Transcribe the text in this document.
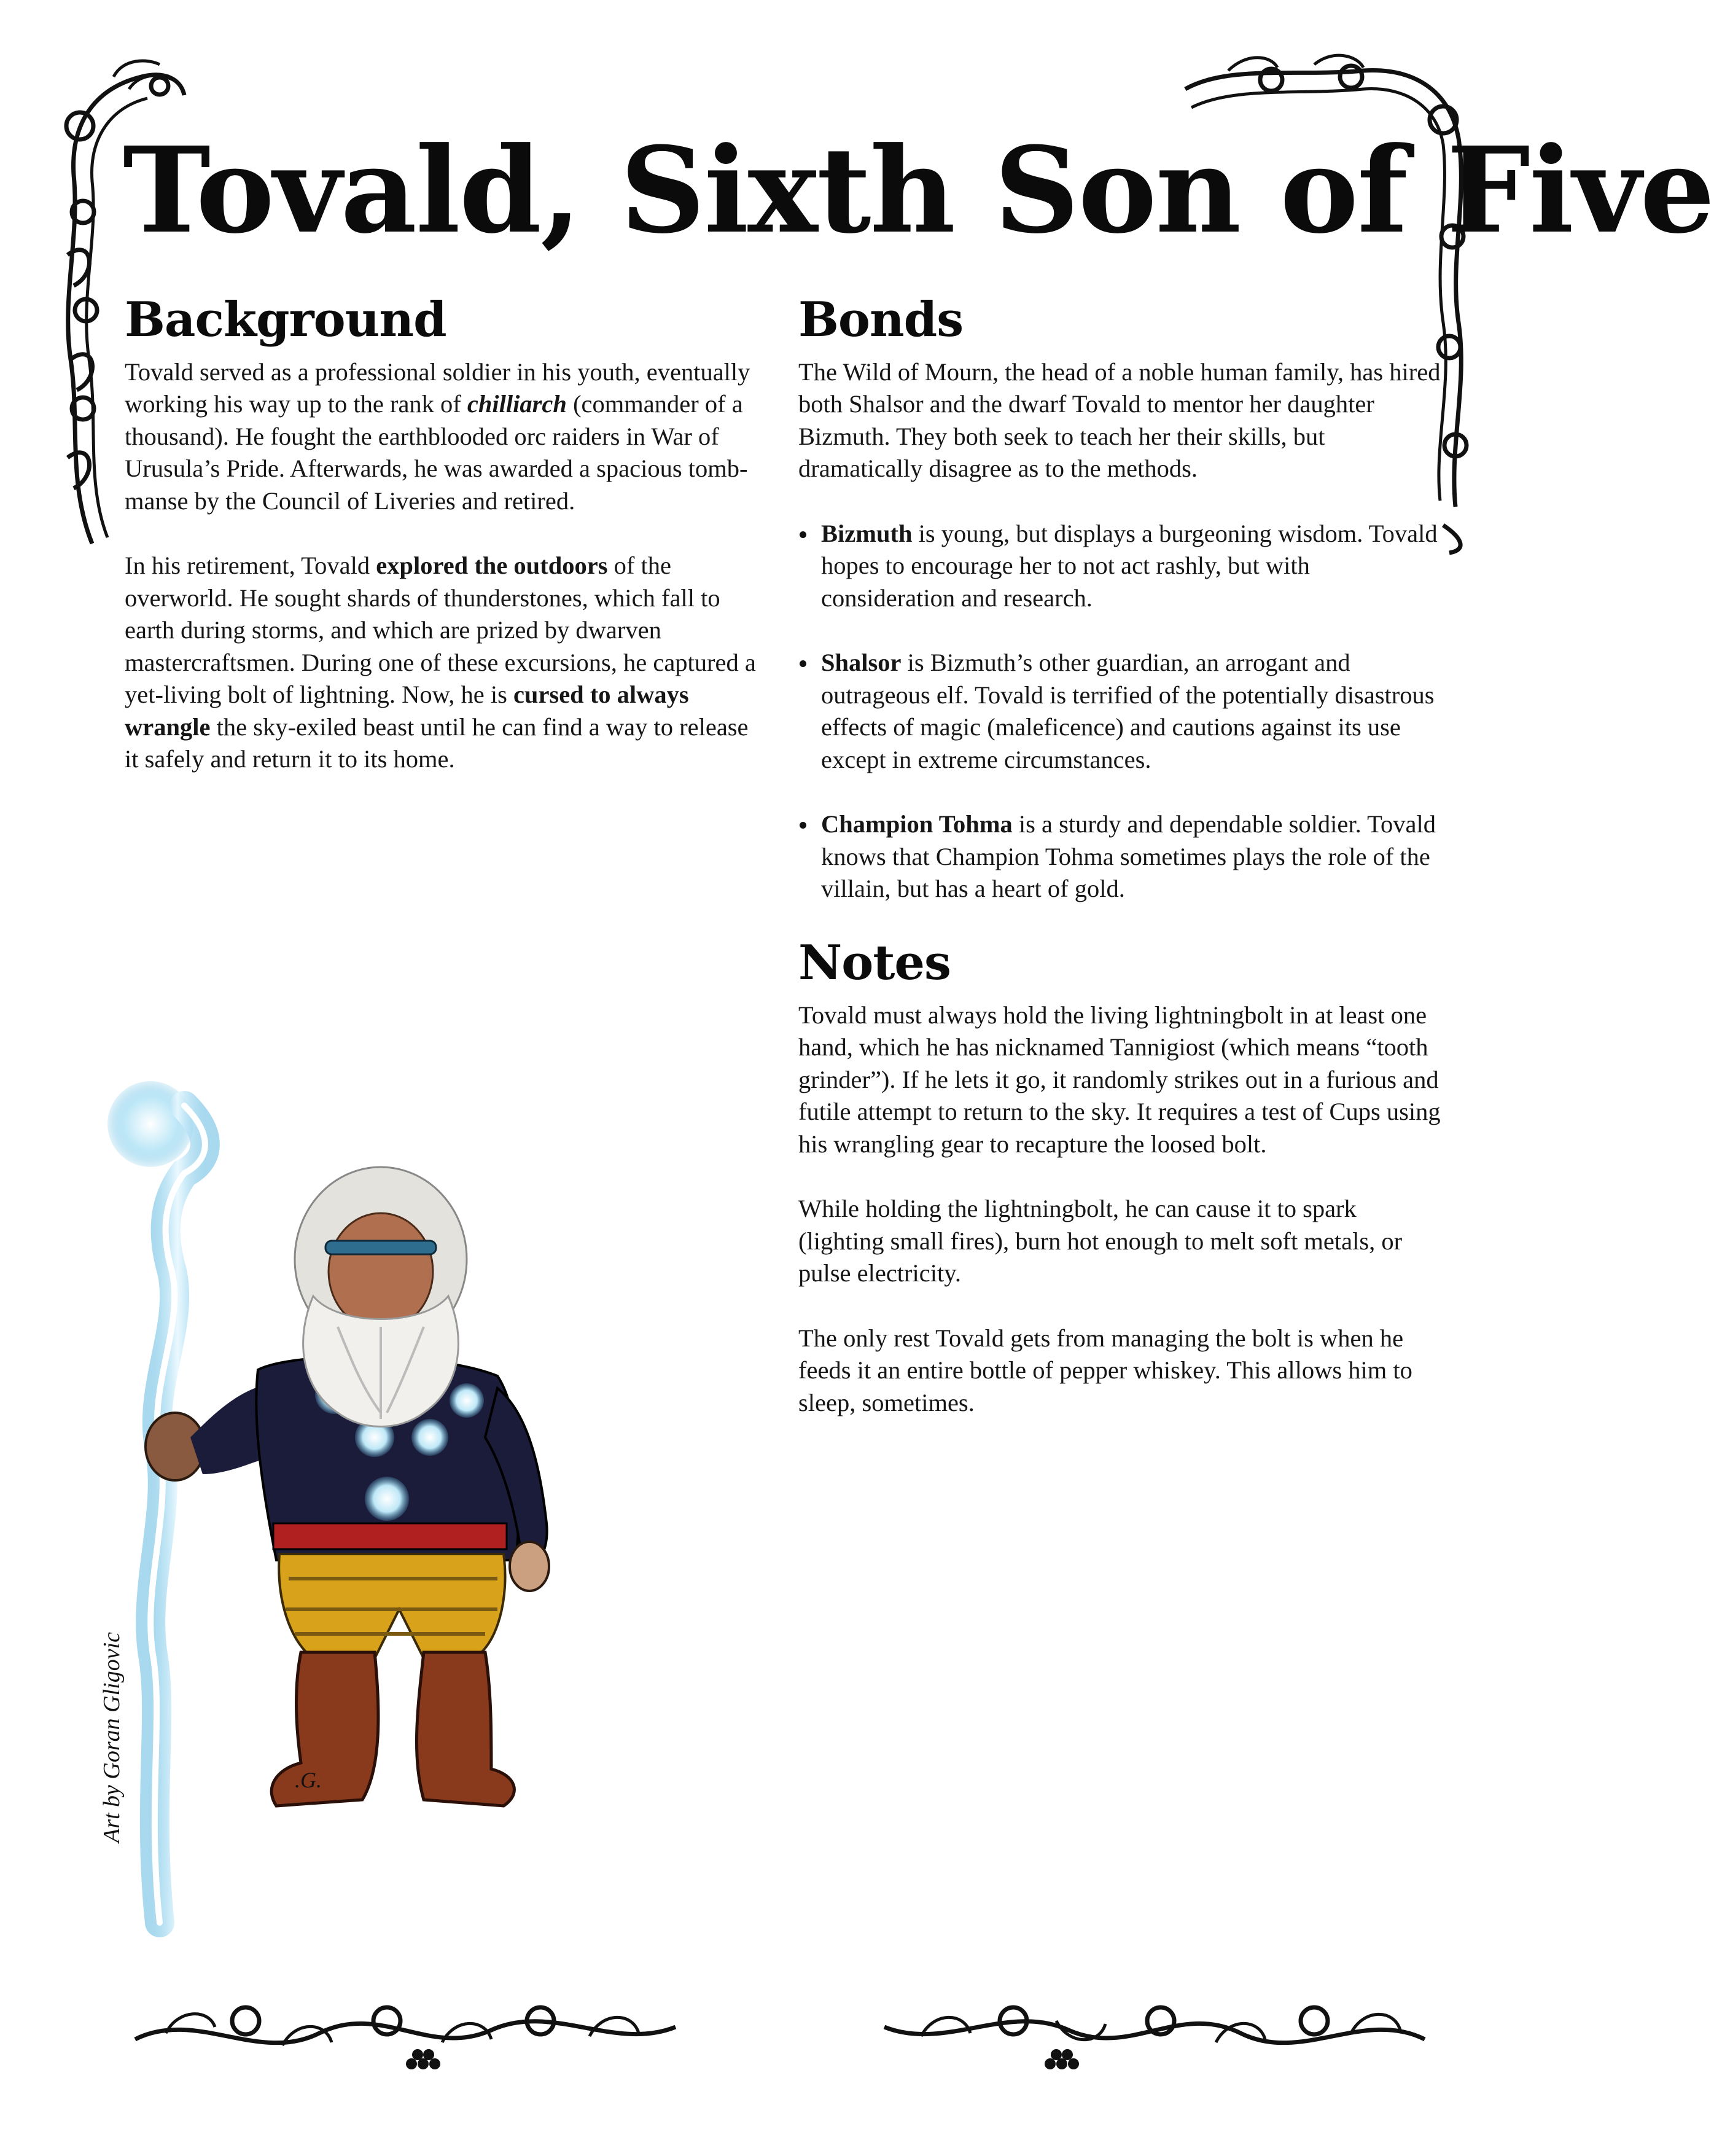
Tovald, Sixth Son of Five
Background

Tovald served as a professional soldier in his youth, eventually working his way up to the rank of chilliarch (commander of a thousand). He fought the earthblooded orc raiders in War of Urusula’s Pride. Afterwards, he was awarded a spacious tomb-manse by the Council of Liveries and retired.

In his retirement, Tovald explored the outdoors of the overworld. He sought shards of thunderstones, which fall to earth during storms, and which are prized by dwarven mastercraftsmen. During one of these excursions, he captured a yet-living bolt of lightning. Now, he is cursed to always wrangle the sky-exiled beast until he can find a way to release it safely and return it to its home.

Bonds

The Wild of Mourn, the head of a noble human family, has hired both Shalsor and the dwarf Tovald to mentor her daughter Bizmuth. They both seek to teach her their skills, but dramatically disagree as to the methods.

Bizmuth is young, but displays a burgeoning wisdom. Tovald hopes to encourage her to not act rashly, but with consideration and research.
Shalsor is Bizmuth’s other guardian, an arrogant and outrageous elf. Tovald is terrified of the potentially disastrous effects of magic (maleficence) and cautions against its use except in extreme circumstances.
Champion Tohma is a sturdy and dependable soldier. Tovald knows that Champion Tohma sometimes plays the role of the villain, but has a heart of gold.
Notes

Tovald must always hold the living lightningbolt in at least one hand, which he has nicknamed Tannigiost (which means “tooth grinder”). If he lets it go, it randomly strikes out in a furious and futile attempt to return to the sky. It requires a test of Cups using his wrangling gear to recapture the loosed bolt.

While holding the lightningbolt, he can cause it to spark (lighting small fires), burn hot enough to melt soft metals, or pulse electricity.

The only rest Tovald gets from managing the bolt is when he feeds it an entire bottle of pepper whiskey. This allows him to sleep, sometimes.

.G.
Art by Goran Gligovic
